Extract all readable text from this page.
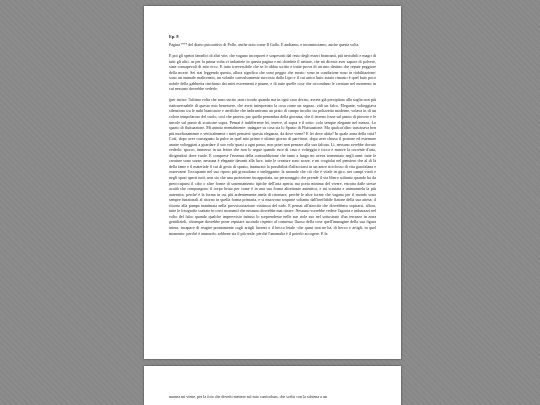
Ep. 8

Pagina *** del diario psicoattivo di Pollo, anche noto come Il Gallo. E andiamo, e incominciamo, anche questa volta.

E poi gli spettri famelici di altri vite, che vagano incorporei e sospesorii dal resto degli esseri brancanti, più invisibili e magri di tutti gli altri. as per la prima volta vi imbattete in questa pagina e mi chiedete il nettare, che mi diceste aver sapore di polvere, state consapevoli di mio ecco. E tutto irreversibile che se lo abbia scritto e tratte prova di un mio destino che repute peggiore della morte. Sei stai leggendo questo, allora significa che sono peggio che morto: sono in condizione sono in riabilitazione: sono un animale malicenzio, un volatile convulsamente succosto dalla Lipo e il cui unico buio astuto rimasto è quel buio poco nobile della gabbietta rinchiuso dai miei escrementi e piume, e di tutte quelle cose che circondano le creature nel momento in cui nessuno dovrebbe vederle.

(per inciso: l'ultima volta che sono uscito ,non ricordo quando ma in ogni caso deciso, avrete già precipitato alla soglia non più riattraversabile di questo mio benessere, che avrei interpretato la cosa come un segnao. vidi un falco. Elegante, volteggiava silenzioso tra le nubi biancastre e aerifiche che imbrunivano un prato di campo incolto tra polizzetta moderne, volava in di un colore tempolaroso del cuolo, così che pareva, per quella penombra della giornata, che il terreno fosse sul punto di piovere e le nuvole sul punto di scaricare sopra. Pensai è indifferente lei, invece, al sopra e il sotto: vola sempre elegante nel mezzo. Lo spazio di fluttuazione. Mi annoto mentalmente: indagare su cosa sia lo Spazio di Fluttuazione. Ma qualcos'altro trascinava ben più morbosamente e verticalmente i miei pensieri: questa eleganza, da dove viene? E lei dove abita? In quale zona della città? Così, dopo aver consegnato la pulce in quel mio primo e ultimo giorno di part-time, dopo aver chiuso il portone ed esternare anatre volteggiati a guardare il suo volo quasi a ogni passo, non potei non pensare alla sua falcata. Lì, nessuno avrebbe dovuto vederlo: sporco, immerso in un fetore che non lo segue quando esce di casa e volteggia e tocca e muove la corrente d'aria, dirigendosi dove vuole. E comprese l'essenza della contraddizione che tanto a lungo mi aveva tormentato negli anni: tutte le creature sono sozze, nessuna è elegante davanti alla luce, tutte le creature sono sozze, e mi crogiolai nel pensiero che al di là della fame e il materiale il cui di gesto di spazio, insaturato la possibilità d'affacciarsi in un antro riciclosso di vita garofalana e osservarne l'occupante nel suo riposo più grossolano e ineleggante: la naturale che ciò che è vitale in giro, nei campi vuoti e negli spazi aperti tutti, non sia che una protezione incappottata, un personaggio che prende il via libero soltanto quando ha da preoccuparsi il cibo o altre forme di sostentamento tipiche dell'aria aperta, ma porta minima del vivere, estratta dalle stesse acuità che compongono il corpo bruto per come è in una sua forma altrettanto autentica, e mi scrutata e animarmela la più autentica, perché è la forma in cui più ardentemente anela di ritornare, perché le altre forme che vagano per il mondo sono sempre funzionali al ritorno in quella forma primaria, e si muovono sospinte soltanto dall'ineffabile fiatone della sua attesa; il ritorno alla pampa inanimata nella provvisoriazione vinitrosa del nido. E pensai all'atrocità che dovrebbero sopirarsi, allora, tutte le fotografie scattate in cerci momenti che nessuno dovrebbe mai ritrare. Nessuno vorrebbe vedere l'agonia e imbarazzi nel volto del falco quando qualche impervvisio intruso lo sorprendesse nelle sue riole suo nel sottostrato d'un terrazzo in zona gentilizieli, chiunque dovrebbe poter reputare ascondo rispetto al connesso fluoso della cose quell'immagine della sua figura intera, incapace di reagire prontamente cogli artigli lucenti o il becco letale -che quasi non ne ha, di becco e artigli, in quel momento: perché è asunnolo, sebbene sia il più reale, perché l'anomalia è il poterlo accogere. E la

nausea mi viene, per la foto che dovetti mettere sul mio curricolum, che scelsi con la schiena a un
